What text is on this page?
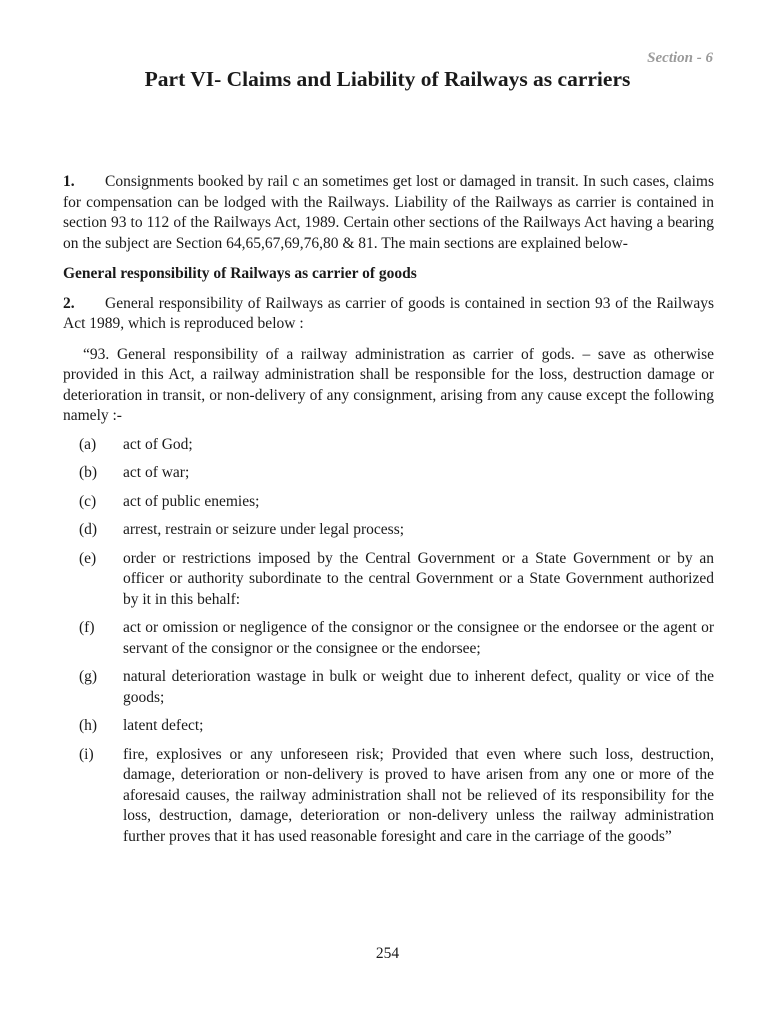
Section - 6
Part VI- Claims and Liability of Railways as carriers

1. Consignments booked by rail c an sometimes get lost or damaged in transit. In such cases, claims for compensation can be lodged with the Railways. Liability of the Railways as carrier is contained in section 93 to 112 of the Railways Act, 1989. Certain other sections of the Railways Act having a bearing on the subject are Section 64,65,67,69,76,80 & 81. The main sections are explained below-

General responsibility of Railways as carrier of goods

2. General responsibility of Railways as carrier of goods is contained in section 93 of the Railways Act 1989, which is reproduced below :

“93. General responsibility of a railway administration as carrier of gods. – save as otherwise provided in this Act, a railway administration shall be responsible for the loss, destruction damage or deterioration in transit, or non-delivery of any consignment, arising from any cause except the following namely :-

(a)	act of God;
(b)	act of war;
(c)	act of public enemies;
(d)	arrest, restrain or seizure under legal process;
(e)	order or restrictions imposed by the Central Government or a State Government or by an officer or authority subordinate to the central Government or a State Government authorized by it in this behalf:
(f)	act or omission or negligence of the consignor or the consignee or the endorsee or the agent or servant of the consignor or the consignee or the endorsee;
(g)	natural deterioration wastage in bulk or weight due to inherent defect, quality or vice of the goods;
(h)	latent defect;
(i)	fire, explosives or any unforeseen risk; Provided that even where such loss, destruction, damage, deterioration or non-delivery is proved to have arisen from any one or more of the aforesaid causes, the railway administration shall not be relieved of its responsibility for the loss, destruction, damage, deterioration or non-delivery unless the railway administration further proves that it has used reasonable foresight and care in the carriage of the goods”
254
